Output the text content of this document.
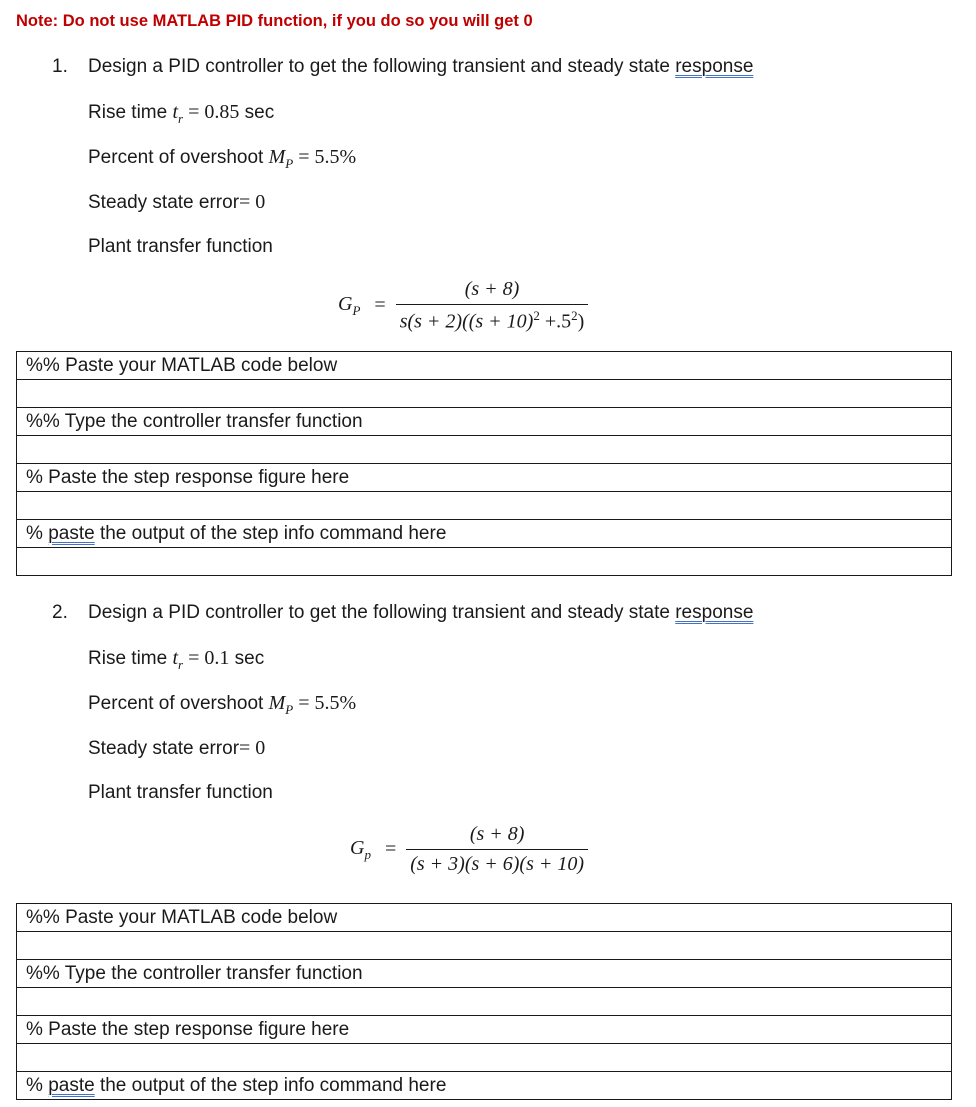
Note: Do not use MATLAB PID function, if you do so you will get 0
1. Design a PID controller to get the following transient and steady state response
Rise time $t_r = 0.85$ sec
Percent of overshoot $M_P = 5.5\%$
Steady state error= 0
Plant transfer function
$G_P = \frac{(s + 8)}{s(s + 2)((s + 10)^2 +.5^2)}$
%% Paste your MATLAB code below

%% Type the controller transfer function

% Paste the step response figure here

% paste the output of the step info command here

2. Design a PID controller to get the following transient and steady state response
Rise time $t_r = 0.1$ sec
Percent of overshoot $M_P = 5.5\%$
Steady state error= 0
Plant transfer function
$G_p = \frac{(s + 8)}{(s + 3)(s + 6)(s + 10)}$
%% Paste your MATLAB code below

%% Type the controller transfer function

% Paste the step response figure here

% paste the output of the step info command here
